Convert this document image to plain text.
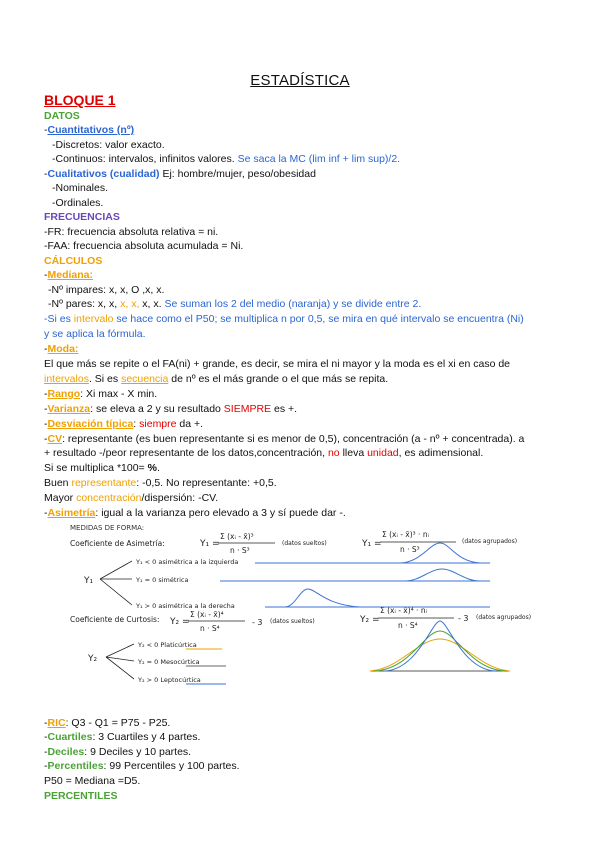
ESTADÍSTICA
BLOQUE 1
DATOS
-Cuantitativos (nº)
-Discretos: valor exacto.
-Continuos: intervalos, infinitos valores. Se saca la MC (lim inf + lim sup)/2.
-Cualitativos (cualidad) Ej: hombre/mujer, peso/obesidad
-Nominales.
-Ordinales.
FRECUENCIAS
-FR: frecuencia absoluta relativa = ni.
-FAA: frecuencia absoluta acumulada = Ni.
CÁLCULOS
-Mediana:
-Nº impares: x, x, O ,x, x.
-Nº pares: x, x, x, x, x, x. Se suman los 2 del medio (naranja) y se divide entre 2.
-Si es intervalo se hace como el P50; se multiplica n por 0,5, se mira en qué intervalo se encuentra (Ni)
y se aplica la fórmula.
-Moda:
El que más se repite o el FA(ni) + grande, es decir, se mira el ni mayor y la moda es el xi en caso de
intervalos. Si es secuencia de nº es el más grande o el que más se repita.
-Rango: Xi max - X min.
-Varianza: se eleva a 2 y su resultado SIEMPRE es +.
-Desviación típica: siempre da +.
-CV: representante (es buen representante si es menor de 0,5), concentración (a - nº + concentrada). a
+ resultado -/peor representante de los datos,concentración, no lleva unidad, es adimensional.
Si se multiplica *100= %.
Buen representante: -0,5. No representante: +0,5.
Mayor concentración/dispersión: -CV.
-Asimetría: igual a la varianza pero elevado a 3 y sí puede dar -.
MEDIDAS DE FORMA:
Coeficiente de Asimetría:	Y₁ =
Σ (xᵢ - x̄)³
n · S³
(datos sueltos)	Y₁ =
Σ (xᵢ - x̄)³ · nᵢ
n · S³
(datos agrupados)
Y₁
Y₁ < 0 asimétrica a la izquierda
Y₁ = 0 simétrica
Y₁ > 0 asimétrica a la derecha
Coeficiente de Curtosis: Y₂ =
Σ (xᵢ - x̄)⁴
n · S⁴
- 3 (datos sueltos)	Y₂ =
Σ (xᵢ - x̄)⁴ · nᵢ
n · S⁴
- 3 (datos agrupados)
Y₂
Y₂ < 0 Platicúrtica
Y₂ = 0 Mesocúrtica
Y₂ > 0 Leptocúrtica
-RIC: Q3 - Q1 = P75 - P25.
-Cuartiles: 3 Cuartiles y 4 partes.
-Deciles: 9 Deciles y 10 partes.
-Percentiles: 99 Percentiles y 100 partes.
P50 = Mediana =D5.
PERCENTILES
